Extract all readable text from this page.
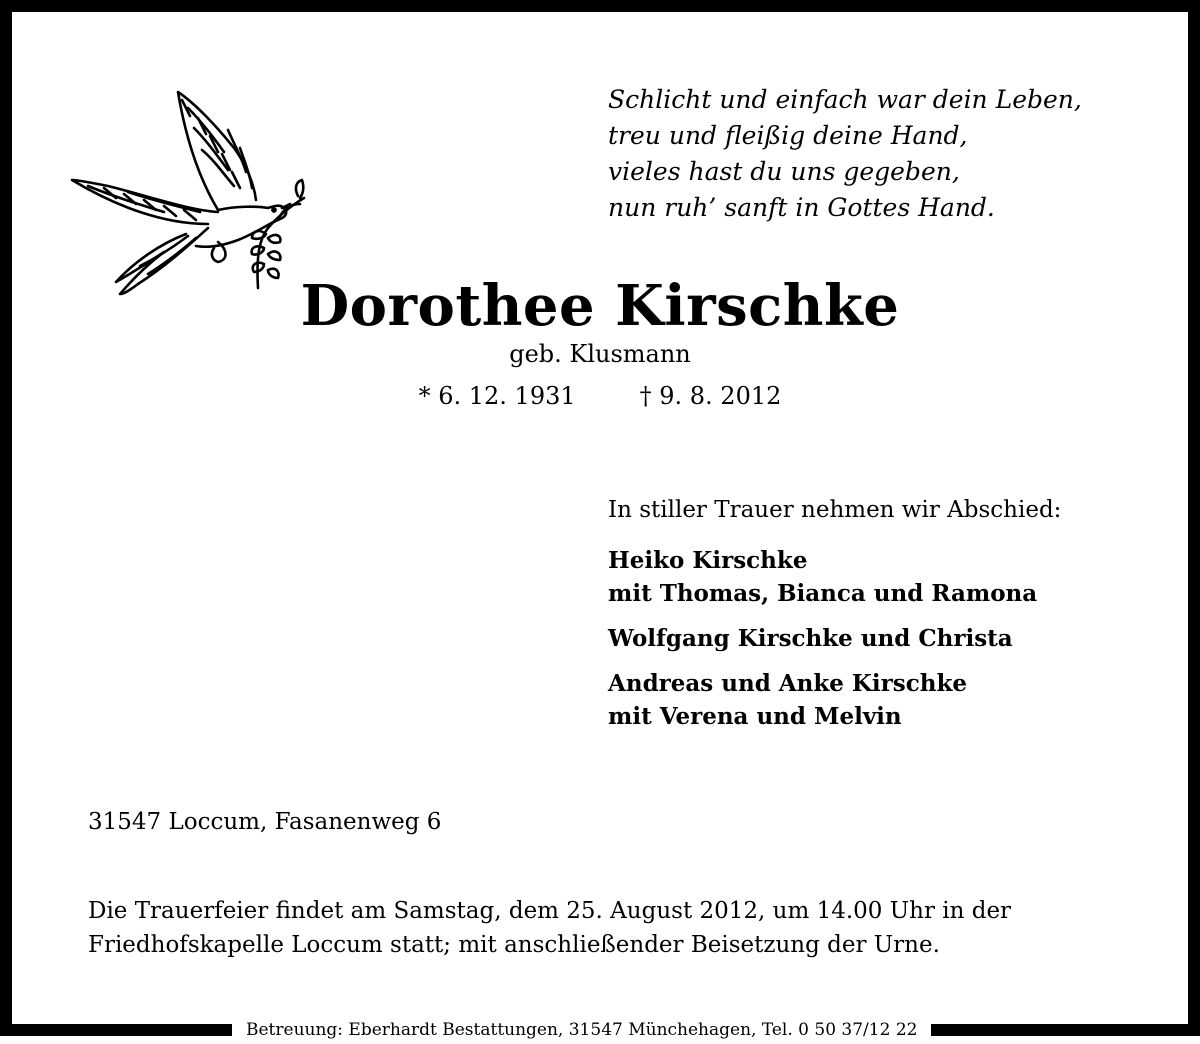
Schlicht und einfach war dein Leben,
treu und fleißig deine Hand,
vieles hast du uns gegeben,
nun ruh’ sanft in Gottes Hand.
Dorothee Kirschke
geb. Klusmann
* 6. 12. 1931	† 9. 8. 2012
In stiller Trauer nehmen wir Abschied:
Heiko Kirschke
mit Thomas, Bianca und Ramona
Wolfgang Kirschke und Christa
Andreas und Anke Kirschke
mit Verena und Melvin
31547 Loccum, Fasanenweg 6
Die Trauerfeier findet am Samstag, dem 25. August 2012, um 14.00 Uhr in der
Friedhofskapelle Loccum statt; mit anschließender Beisetzung der Urne.
Betreuung: Eberhardt Bestattungen, 31547 Münchehagen, Tel. 0 50 37/12 22
